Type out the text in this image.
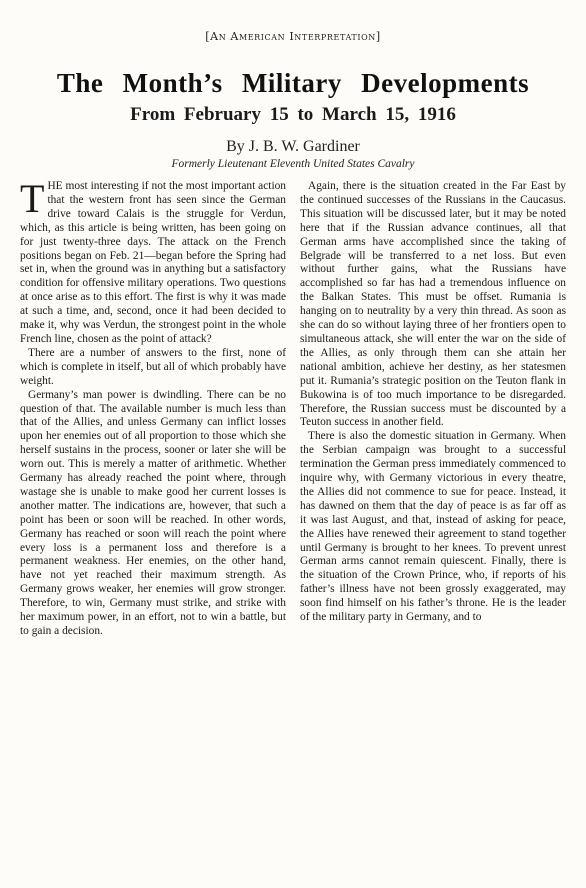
[An American Interpretation]
The Month’s Military Developments
From February 15 to March 15, 1916
By J. B. W. Gardiner
Formerly Lieutenant Eleventh United States Cavalry

THE most interesting if not the most important action that the western front has seen since the German drive toward Calais is the struggle for Verdun, which, as this article is being written, has been going on for just twenty-three days. The attack on the French positions began on Feb. 21—began before the Spring had set in, when the ground was in anything but a satisfactory condition for offensive military operations. Two questions at once arise as to this effort. The first is why it was made at such a time, and, second, once it had been decided to make it, why was Verdun, the strongest point in the whole French line, chosen as the point of attack?

There are a number of answers to the first, none of which is complete in itself, but all of which probably have weight.

Germany’s man power is dwindling. There can be no question of that. The available number is much less than that of the Allies, and unless Germany can inflict losses upon her enemies out of all proportion to those which she herself sustains in the process, sooner or later she will be worn out. This is merely a matter of arithmetic. Whether Germany has already reached the point where, through wastage she is unable to make good her current losses is another matter. The indications are, however, that such a point has been or soon will be reached. In other words, Germany has reached or soon will reach the point where every loss is a permanent loss and therefore is a permanent weakness. Her enemies, on the other hand, have not yet reached their maximum strength. As Germany grows weaker, her enemies will grow stronger. Therefore, to win, Germany must strike, and strike with her maximum power, in an effort, not to win a battle, but to gain a decision.

Again, there is the situation created in the Far East by the continued successes of the Russians in the Caucasus. This situation will be discussed later, but it may be noted here that if the Russian advance continues, all that German arms have accomplished since the taking of Belgrade will be transferred to a net loss. But even without further gains, what the Russians have accomplished so far has had a tremendous influence on the Balkan States. This must be offset. Rumania is hanging on to neutrality by a very thin thread. As soon as she can do so without laying three of her frontiers open to simultaneous attack, she will enter the war on the side of the Allies, as only through them can she attain her national ambition, achieve her destiny, as her statesmen put it. Rumania’s strategic position on the Teuton flank in Bukowina is of too much importance to be disregarded. Therefore, the Russian success must be discounted by a Teuton success in another field.

There is also the domestic situation in Germany. When the Serbian campaign was brought to a successful termination the German press immediately commenced to inquire why, with Germany victorious in every theatre, the Allies did not commence to sue for peace. Instead, it has dawned on them that the day of peace is as far off as it was last August, and that, instead of asking for peace, the Allies have renewed their agreement to stand together until Germany is brought to her knees. To prevent unrest German arms cannot remain quiescent. Finally, there is the situation of the Crown Prince, who, if reports of his father’s illness have not been grossly exaggerated, may soon find himself on his father’s throne. He is the leader of the military party in Germany, and to
